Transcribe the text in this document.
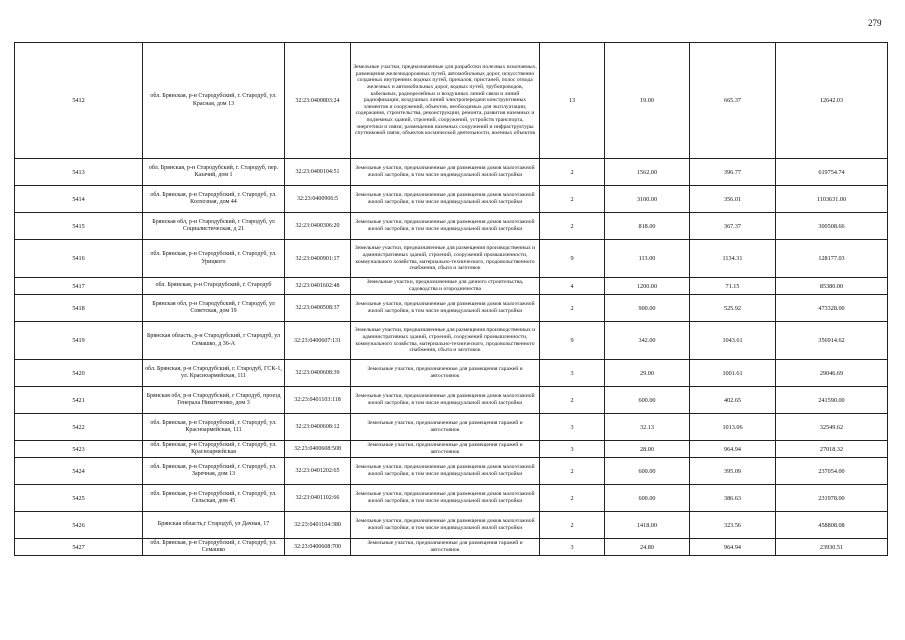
279
5412	обл. Брянская, р-н Стародубский, г. Стародуб, ул. Красная, дом 13	32:23:0400803:24	Земельные участки, предназначенные для разработки полезных ископаемых, размещения железнодорожных путей, автомобильных дорог, искусственно созданных внутренних водных путей, причалов, пристаней, полос отвода железных и автомобильных дорог, водных путей, трубопроводов, кабельных, радиорелейных и воздушных линий связи и линий радиофикации, воздушных линий электропередачи конструктивных элементов и сооружений, объектов, необходимых для эксплуатации, содержания, строительства, реконструкции, ремонта, развития наземных и подземных зданий, строений, сооружений, устройств транспорта, энергетики и связи; размещения наземных сооружений и инфраструктуры спутниковой связи, объектов космической деятельности, военных объектов	13	19.00	665.37	12642.03
5413	обл. Брянская, р-н Стародубский, г. Стародуб, пер. Казачий, дом 1	32:23:0400104:51	Земельные участки, предназначенные для размещения домов малоэтажной жилой застройки, в том числе индивидуальной жилой застройки	2	1562.00	396.77	619754.74
5414	обл. Брянская, р-н Стародубский, г. Стародуб, ул. Колхозная, дом 44	32:23:0400906:5	Земельные участки, предназначенные для размещения домов малоэтажной жилой застройки, в том числе индивидуальной жилой застройки	2	3100.00	356.01	1103631.00
5415	Брянская обл, р-н Стародубский, г Стародуб, ул Социалистическая, д 21	32:23:0400306:20	Земельные участки, предназначенные для размещения домов малоэтажной жилой застройки, в том числе индивидуальной жилой застройки	2	818.00	367.37	300508.66
5416	обл. Брянская, р-н Стародубский, г. Стародуб, ул. Урицкого	32:23:0400901:17	Земельные участки, предназначенные для размещения производственных и административных зданий, строений, сооружений промышленности, коммунального хозяйства, материально-технического, продовольственного снабжения, сбыта и заготовок	9	113.00	1134.31	128177.03
5417	обл. Брянская, р-н Стародубский, г. Стародуб	32:23:0401602:48	Земельные участки, предназначенные для дачного строительства, садоводства и огородничества	4	1200.00	71.15	85380.00
5418	Брянская обл, р-н Стародубский, г Стародуб, ул Советская, дом 19	32:23:0400508:37	Земельные участки, предназначенные для размещения домов малоэтажной жилой застройки, в том числе индивидуальной жилой застройки	2	900.00	525.92	473328.00
5419	Брянская область, р-н Стародубский, г Стародуб, ул Семашко, д 36-А	32:23:0400607:131	Земельные участки, предназначенные для размещения производственных и административных зданий, строений, сооружений промышленности, коммунального хозяйства, материально-технического, продовольственного снабжения, сбыта и заготовок	9	342.00	1043.61	356914.62
5420	обл. Брянская, р-н Стародубский, г. Стародуб, ГСК-1, ул. Красноармейская, 111	32:23:0400608:39	Земельные участки, предназначенные для размещения гаражей и автостоянок	3	29.00	1001.61	29046.69
5421	Брянская обл, р-н Стародубский, г Стародуб, проезд Генерала Никитченко, дом 3	32:23:0401103:118	Земельные участки, предназначенные для размещения домов малоэтажной жилой застройки, в том числе индивидуальной жилой застройки	2	600.00	402.65	241590.00
5422	обл. Брянская, р-н Стародубский, г. Стародуб, ул. Красноармейская, 111	32:23:0400608:12	Земельные участки, предназначенные для размещения гаражей и автостоянок	3	32.13	1013.06	32549.62
5423	обл. Брянская, р-н Стародубский, г. Стародуб, ул. Красноармейская	32:23:0400608:508	Земельные участки, предназначенные для размещения гаражей и автостоянок	3	28.00	964.94	27018.32
5424	обл. Брянская, р-н Стародубский, г. Стародуб, ул. Заречная, дом 13	32:23:0401202:65	Земельные участки, предназначенные для размещения домов малоэтажной жилой застройки, в том числе индивидуальной жилой застройки	2	600.00	395.09	237054.00
5425	обл. Брянская, р-н Стародубский, г. Стародуб, ул. Сельская, дом 45	32:23:0401102:66	Земельные участки, предназначенные для размещения домов малоэтажной жилой застройки, в том числе индивидуальной жилой застройки	2	600.00	386.63	231978.00
5426	Брянская область,г Стародуб, ул Дачная, 17	32:23:0401104:380	Земельные участки, предназначенные для размещения домов малоэтажной жилой застройки, в том числе индивидуальной жилой застройки	2	1418.00	323.56	458808.08
5427	обл. Брянская, р-н Стародубский, г. Стародуб, ул. Семашко	32:23:0400608:700	Земельные участки, предназначенные для размещения гаражей и автостоянок	3	24.80	964.94	23930.51
